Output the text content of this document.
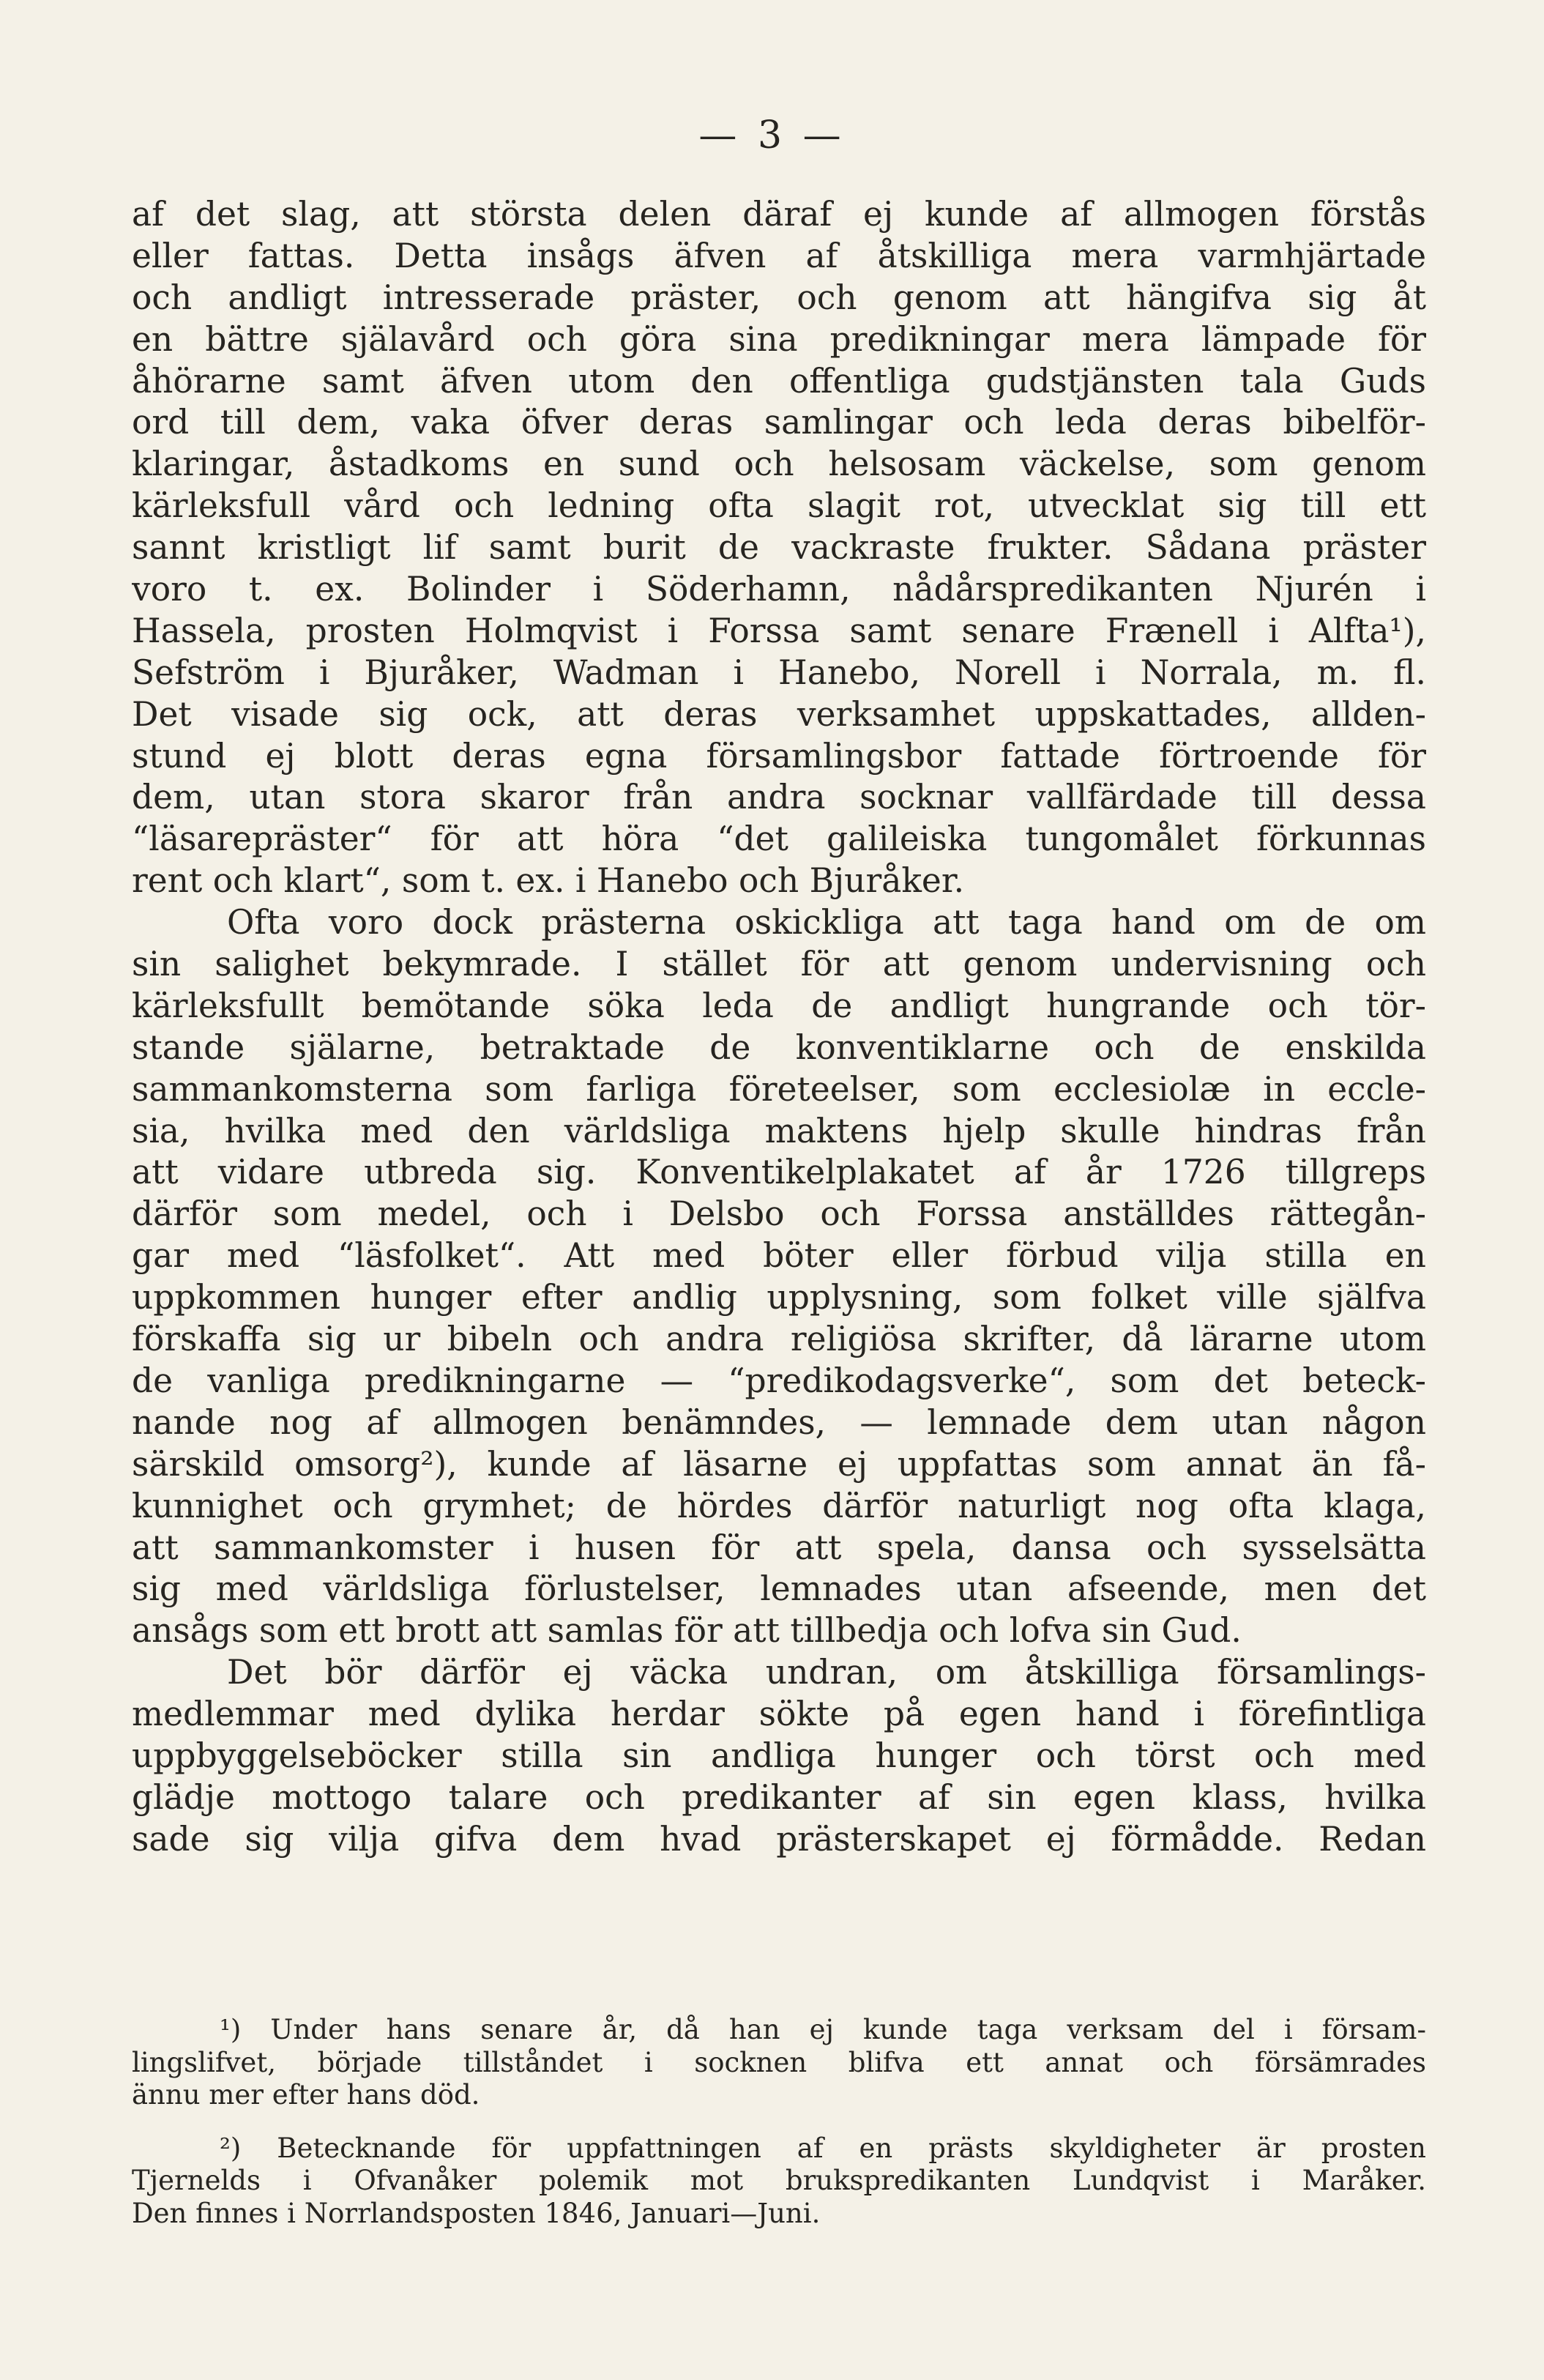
— 3 —

af det slag, att största delen däraf ej kunde af allmogen förstås
eller fattas. Detta insågs äfven af åtskilliga mera varmhjärtade
och andligt intresserade präster, och genom att hängifva sig åt
en bättre själavård och göra sina predikningar mera lämpade för
åhörarne samt äfven utom den offentliga gudstjänsten tala Guds
ord till dem, vaka öfver deras samlingar och leda deras bibelför-
klaringar, åstadkoms en sund och helsosam väckelse, som genom
kärleksfull vård och ledning ofta slagit rot, utvecklat sig till ett
sannt kristligt lif samt burit de vackraste frukter. Sådana präster
voro t. ex. Bolinder i Söderhamn, nådårspredikanten Njurén i
Hassela, prosten Holmqvist i Forssa samt senare Frænell i Alfta¹),
Sefström i Bjuråker, Wadman i Hanebo, Norell i Norrala, m. fl.
Det visade sig ock, att deras verksamhet uppskattades, allden-
stund ej blott deras egna församlingsbor fattade förtroende för
dem, utan stora skaror från andra socknar vallfärdade till dessa
“läsarepräster“ för att höra “det galileiska tungomålet förkunnas
rent och klart“, som t. ex. i Hanebo och Bjuråker.

Ofta voro dock prästerna oskickliga att taga hand om de om
sin salighet bekymrade. I stället för att genom undervisning och
kärleksfullt bemötande söka leda de andligt hungrande och tör-
stande själarne, betraktade de konventiklarne och de enskilda
sammankomsterna som farliga företeelser, som ecclesiolæ in eccle-
sia, hvilka med den världsliga maktens hjelp skulle hindras från
att vidare utbreda sig. Konventikelplakatet af år 1726 tillgreps
därför som medel, och i Delsbo och Forssa anställdes rättegån-
gar med “läsfolket“. Att med böter eller förbud vilja stilla en
uppkommen hunger efter andlig upplysning, som folket ville själfva
förskaffa sig ur bibeln och andra religiösa skrifter, då lärarne utom
de vanliga predikningarne — “predikodagsverke“, som det beteck-
nande nog af allmogen benämndes, — lemnade dem utan någon
särskild omsorg²), kunde af läsarne ej uppfattas som annat än få-
kunnighet och grymhet; de hördes därför naturligt nog ofta klaga,
att sammankomster i husen för att spela, dansa och sysselsätta
sig med världsliga förlustelser, lemnades utan afseende, men det
ansågs som ett brott att samlas för att tillbedja och lofva sin Gud.

Det bör därför ej väcka undran, om åtskilliga församlings-
medlemmar med dylika herdar sökte på egen hand i förefintliga
uppbyggelseböcker stilla sin andliga hunger och törst och med
glädje mottogo talare och predikanter af sin egen klass, hvilka
sade sig vilja gifva dem hvad prästerskapet ej förmådde. Redan

¹) Under hans senare år, då han ej kunde taga verksam del i försam-
lingslifvet, började tillståndet i socknen blifva ett annat och försämrades
ännu mer efter hans död.
²) Betecknande för uppfattningen af en prästs skyldigheter är prosten
Tjernelds i Ofvanåker polemik mot brukspredikanten Lundqvist i Maråker.
Den finnes i Norrlandsposten 1846, Januari—Juni.
